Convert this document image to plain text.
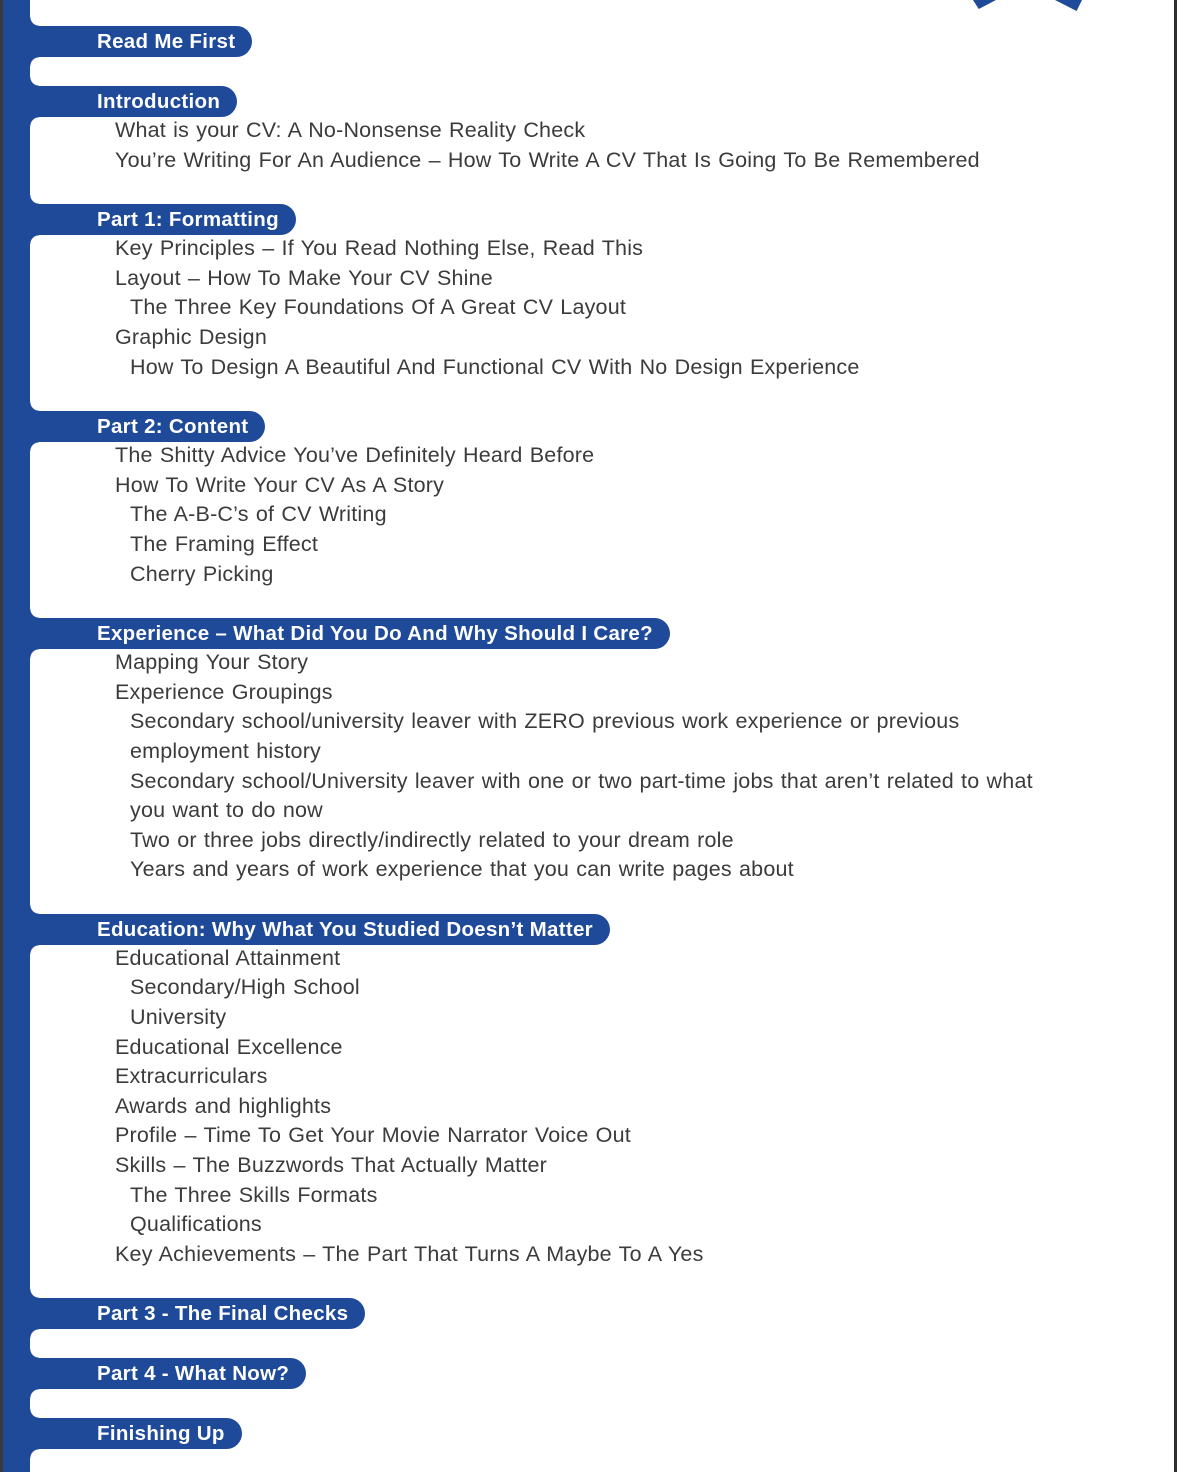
Read Me First
Introduction
What is your CV: A No-Nonsense Reality Check
You’re Writing For An Audience – How To Write A CV That Is Going To Be Remembered
Part 1: Formatting
Key Principles – If You Read Nothing Else, Read This
Layout – How To Make Your CV Shine
The Three Key Foundations Of A Great CV Layout
Graphic Design
How To Design A Beautiful And Functional CV With No Design Experience
Part 2: Content
The Shitty Advice You’ve Definitely Heard Before
How To Write Your CV As A Story
The A-B-C’s of CV Writing
The Framing Effect
Cherry Picking
Experience – What Did You Do And Why Should I Care?
Mapping Your Story
Experience Groupings
Secondary school/university leaver with ZERO previous work experience or previous
employment history
Secondary school/University leaver with one or two part-time jobs that aren’t related to what
you want to do now
Two or three jobs directly/indirectly related to your dream role
Years and years of work experience that you can write pages about
Education: Why What You Studied Doesn’t Matter
Educational Attainment
Secondary/High School
University
Educational Excellence
Extracurriculars
Awards and highlights
Profile – Time To Get Your Movie Narrator Voice Out
Skills – The Buzzwords That Actually Matter
The Three Skills Formats
Qualifications
Key Achievements – The Part That Turns A Maybe To A Yes
Part 3 - The Final Checks
Part 4 - What Now?
Finishing Up
